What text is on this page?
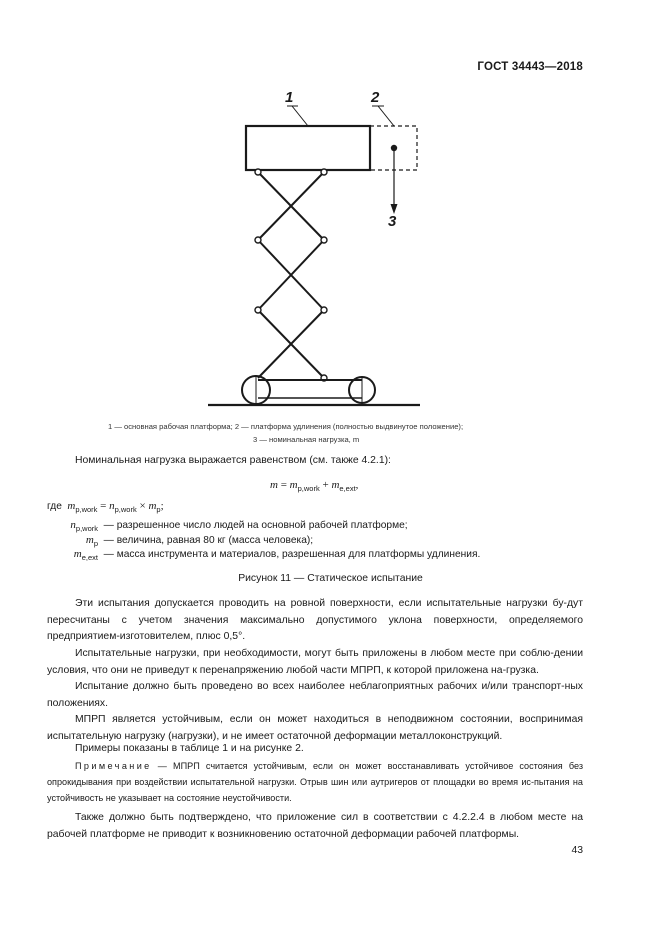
ГОСТ 34443—2018
1	2
3
1 — основная рабочая платформа; 2 — платформа удлинения (полностью выдвинутое положение);
3 — номинальная нагрузка, m
Номинальная нагрузка выражается равенством (см. также 4.2.1):
$m = m_{p,work} + m_{e,ext}$,
где $m_{p,work} = n_{p,work} \times m_p$;
$n_{p,work}$ — разрешенное число людей на основной рабочей платформе;
$m_p$ — величина, равная 80 кг (масса человека);
$m_{e,ext}$ — масса инструмента и материалов, разрешенная для платформы удлинения.
Рисунок 11 — Статическое испытание
Эти испытания допускается проводить на ровной поверхности, если испытательные нагрузки бу-дут пересчитаны с учетом значения максимально допустимого уклона поверхности, определяемого предприятием-изготовителем, плюс 0,5°.
Испытательные нагрузки, при необходимости, могут быть приложены в любом месте при соблю-дении условия, что они не приведут к перенапряжению любой части МПРП, к которой приложена на-грузка.
Испытание должно быть проведено во всех наиболее неблагоприятных рабочих и/или транспорт-ных положениях.
МПРП является устойчивым, если он может находиться в неподвижном состоянии, воспринимая испытательную нагрузку (нагрузки), и не имеет остаточной деформации металлоконструкций.
Примеры показаны в таблице 1 и на рисунке 2.
Примечание — МПРП считается устойчивым, если он может восстанавливать устойчивое состояния без опрокидывания при воздействии испытательной нагрузки. Отрыв шин или аутригеров от площадки во время ис-пытания на устойчивость не указывает на состояние неустойчивости.
Также должно быть подтверждено, что приложение сил в соответствии с 4.2.2.4 в любом месте на рабочей платформе не приводит к возникновению остаточной деформации рабочей платформы.
43
